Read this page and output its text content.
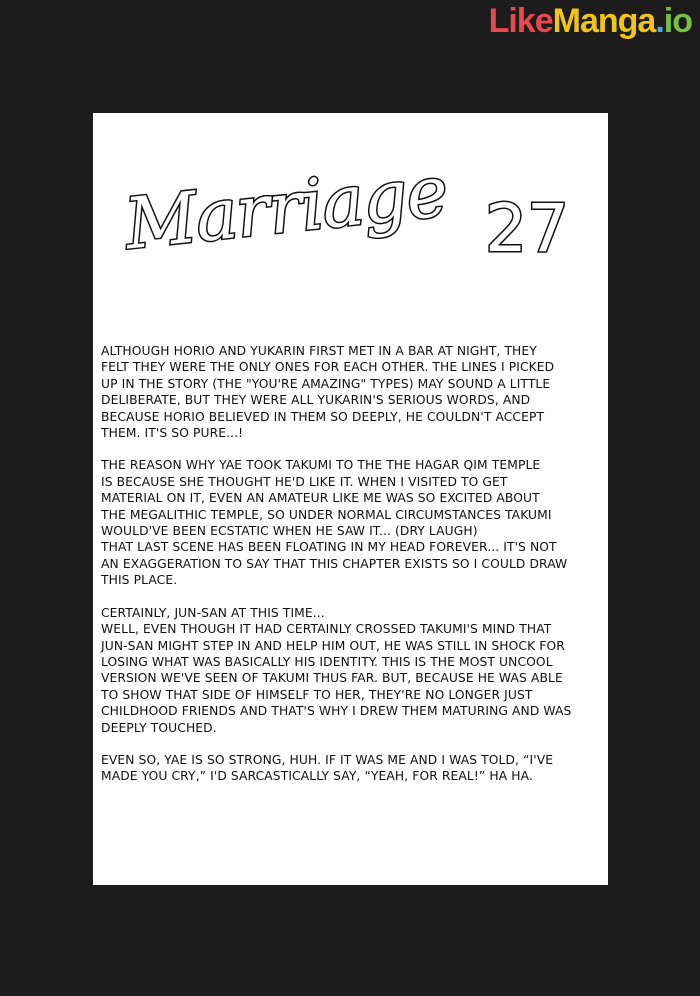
LikeManga.io
Marriage 27

ALTHOUGH HORIO AND YUKARIN FIRST MET IN A BAR AT NIGHT, THEY
FELT THEY WERE THE ONLY ONES FOR EACH OTHER. THE LINES I PICKED
UP IN THE STORY (THE "YOU'RE AMAZING" TYPES) MAY SOUND A LITTLE
DELIBERATE, BUT THEY WERE ALL YUKARIN'S SERIOUS WORDS, AND
BECAUSE HORIO BELIEVED IN THEM SO DEEPLY, HE COULDN'T ACCEPT
THEM. IT'S SO PURE...!

THE REASON WHY YAE TOOK TAKUMI TO THE THE HAGAR QIM TEMPLE
IS BECAUSE SHE THOUGHT HE'D LIKE IT. WHEN I VISITED TO GET
MATERIAL ON IT, EVEN AN AMATEUR LIKE ME WAS SO EXCITED ABOUT
THE MEGALITHIC TEMPLE, SO UNDER NORMAL CIRCUMSTANCES TAKUMI
WOULD'VE BEEN ECSTATIC WHEN HE SAW IT... (DRY LAUGH)
THAT LAST SCENE HAS BEEN FLOATING IN MY HEAD FOREVER... IT'S NOT
AN EXAGGERATION TO SAY THAT THIS CHAPTER EXISTS SO I COULD DRAW
THIS PLACE.

CERTAINLY, JUN-SAN AT THIS TIME...
WELL, EVEN THOUGH IT HAD CERTAINLY CROSSED TAKUMI'S MIND THAT
JUN-SAN MIGHT STEP IN AND HELP HIM OUT, HE WAS STILL IN SHOCK FOR
LOSING WHAT WAS BASICALLY HIS IDENTITY. THIS IS THE MOST UNCOOL
VERSION WE'VE SEEN OF TAKUMI THUS FAR. BUT, BECAUSE HE WAS ABLE
TO SHOW THAT SIDE OF HIMSELF TO HER, THEY'RE NO LONGER JUST
CHILDHOOD FRIENDS AND THAT'S WHY I DREW THEM MATURING AND WAS
DEEPLY TOUCHED.

EVEN SO, YAE IS SO STRONG, HUH. IF IT WAS ME AND I WAS TOLD, “I'VE
MADE YOU CRY,” I'D SARCASTICALLY SAY, “YEAH, FOR REAL!” HA HA.
